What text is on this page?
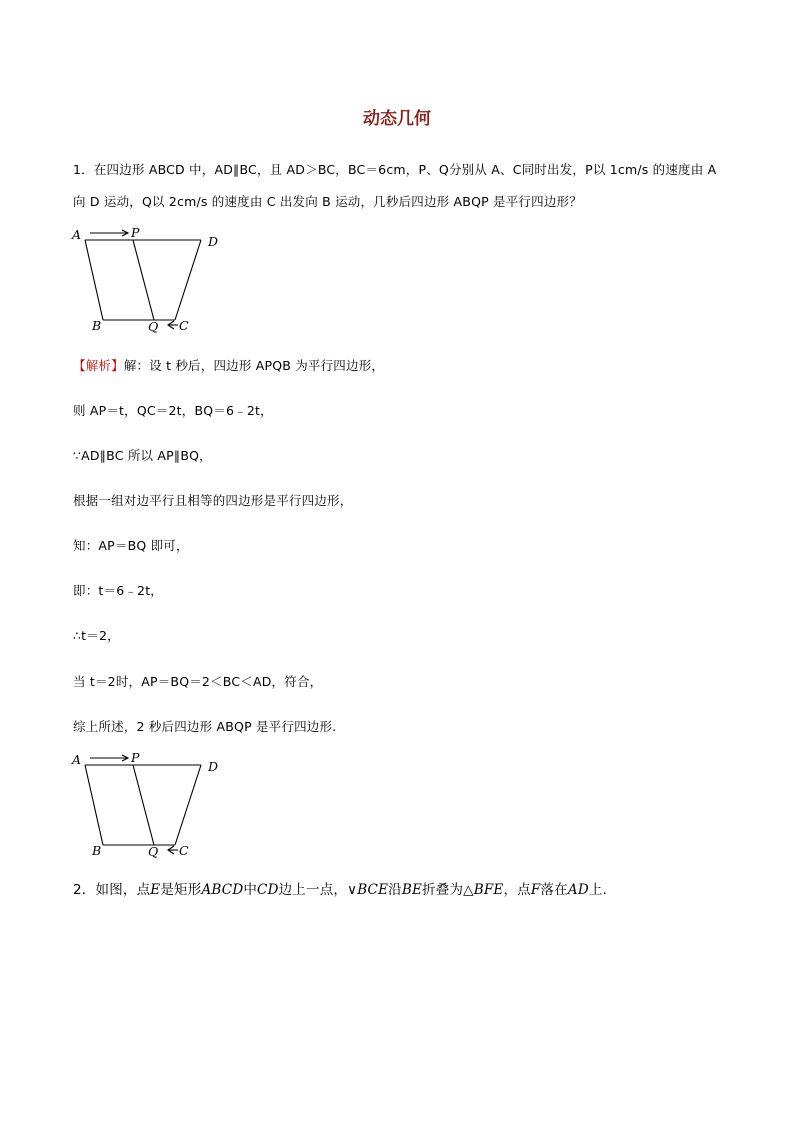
动态几何
1．在四边形 ABCD 中，AD∥BC，且 AD＞BC，BC＝6cm，P、Q分别从 A、C同时出发，P以 1cm/s 的速度由 A
向 D 运动，Q以 2cm/s 的速度由 C 出发向 B 运动，几秒后四边形 ABQP 是平行四边形？
A	P
D
B	Q C
【解析】解：设 t 秒后，四边形 APQB 为平行四边形，
则 AP＝t，QC＝2t，BQ＝6﹣2t，
∵AD∥BC 所以 AP∥BQ，
根据一组对边平行且相等的四边形是平行四边形，
知：AP＝BQ 即可，
即：t＝6﹣2t，
∴t＝2，
当 t＝2时，AP＝BQ＝2＜BC＜AD，符合，
综上所述，2 秒后四边形 ABQP 是平行四边形.
A	P
D
B	Q C
2．如图，点E是矩形ABCD中CD边上一点，∨BCE沿BE折叠为△BFE，点F落在AD上.
